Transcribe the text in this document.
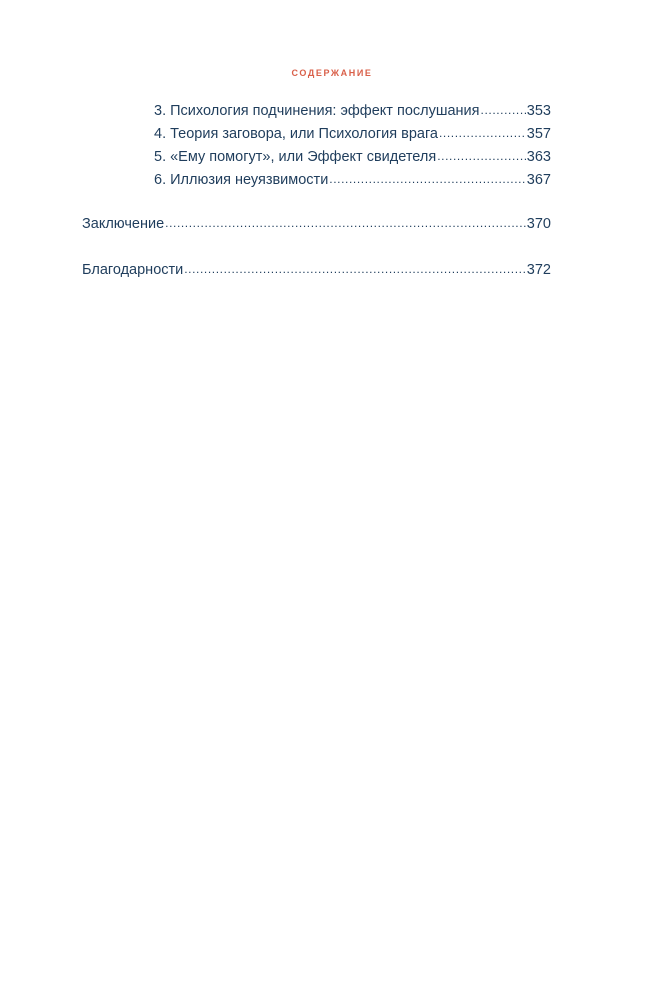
СОДЕРЖАНИЕ
3. Психология подчинения: эффект послушания .....	353
4. Теория заговора, или Психология врага .....	357
5. «Ему помогут», или Эффект свидетеля .....	363
6. Иллюзия неуязвимости .....	367
Заключение .....	370
Благодарности .....	372
